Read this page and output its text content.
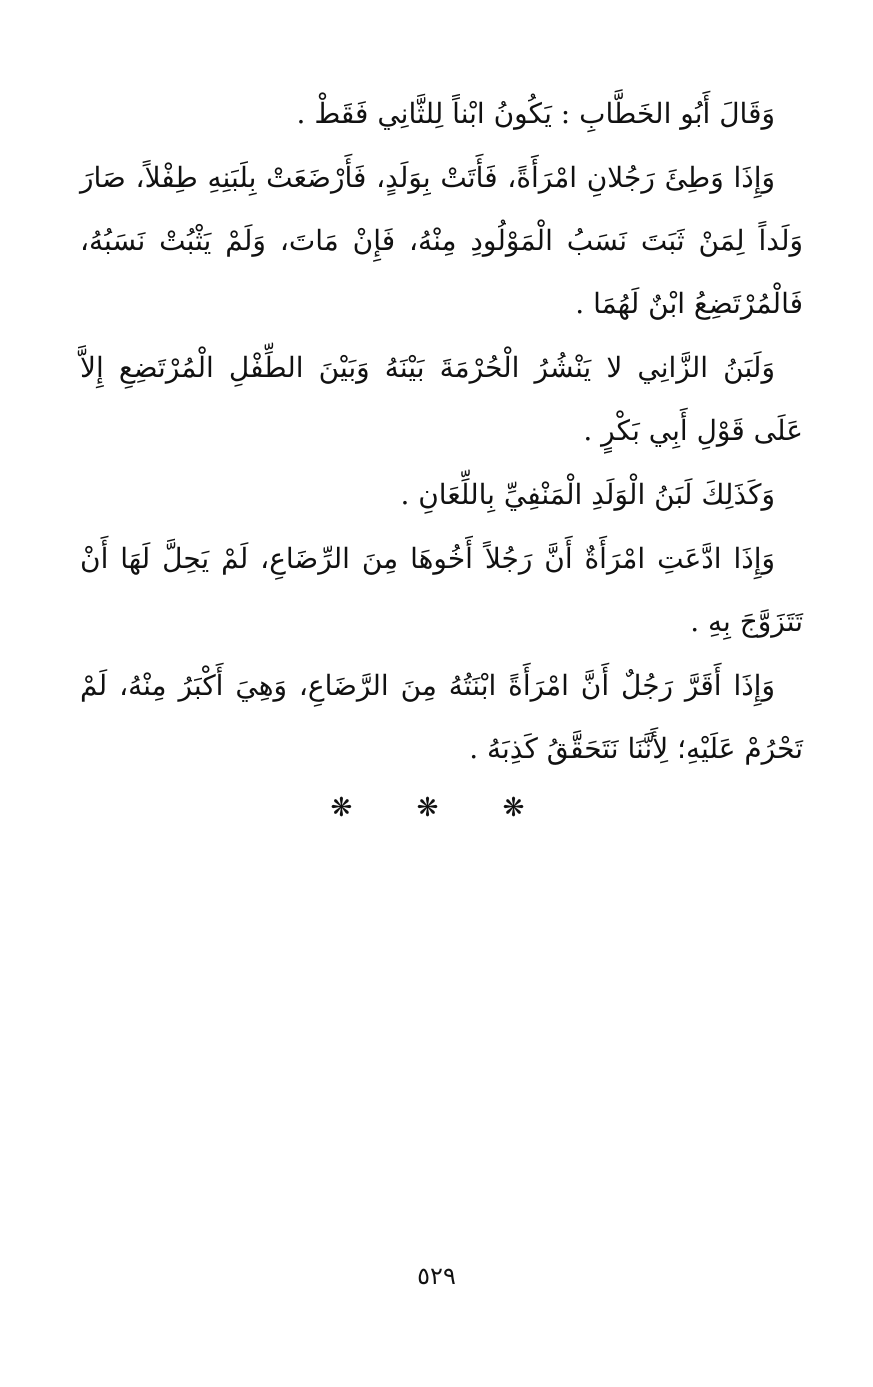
وَقَالَ أَبُو الخَطَّابِ : يَكُونُ ابْناً لِلثَّانِي فَقَطْ .

وَإِذَا وَطِئَ رَجُلانِ امْرَأَةً، فَأَتَتْ بِوَلَدٍ، فَأَرْضَعَتْ بِلَبَنِهِ طِفْلاً، صَارَ وَلَداً لِمَنْ ثَبَتَ نَسَبُ الْمَوْلُودِ مِنْهُ، فَإِنْ مَاتَ، وَلَمْ يَثْبُتْ نَسَبُهُ، فَالْمُرْتَضِعُ ابْنٌ لَهُمَا .

وَلَبَنُ الزَّانِي لا يَنْشُرُ الْحُرْمَةَ بَيْنَهُ وَبَيْنَ الطِّفْلِ الْمُرْتَضِعِ إِلاَّ عَلَى قَوْلِ أَبِي بَكْرٍ .

وَكَذَلِكَ لَبَنُ الْوَلَدِ الْمَنْفِيِّ بِاللِّعَانِ .

وَإِذَا ادَّعَتِ امْرَأَةٌ أَنَّ رَجُلاً أَخُوهَا مِنَ الرِّضَاعِ، لَمْ يَحِلَّ لَهَا أَنْ تَتَزَوَّجَ بِهِ .

وَإِذَا أَقَرَّ رَجُلٌ أَنَّ امْرَأَةً ابْنَتُهُ مِنَ الرَّضَاعِ، وَهِيَ أَكْبَرُ مِنْهُ، لَمْ تَحْرُمْ عَلَيْهِ؛ لِأَنَّنَا نَتَحَقَّقُ كَذِبَهُ .

❋ ❋ ❋
٥٢٩
